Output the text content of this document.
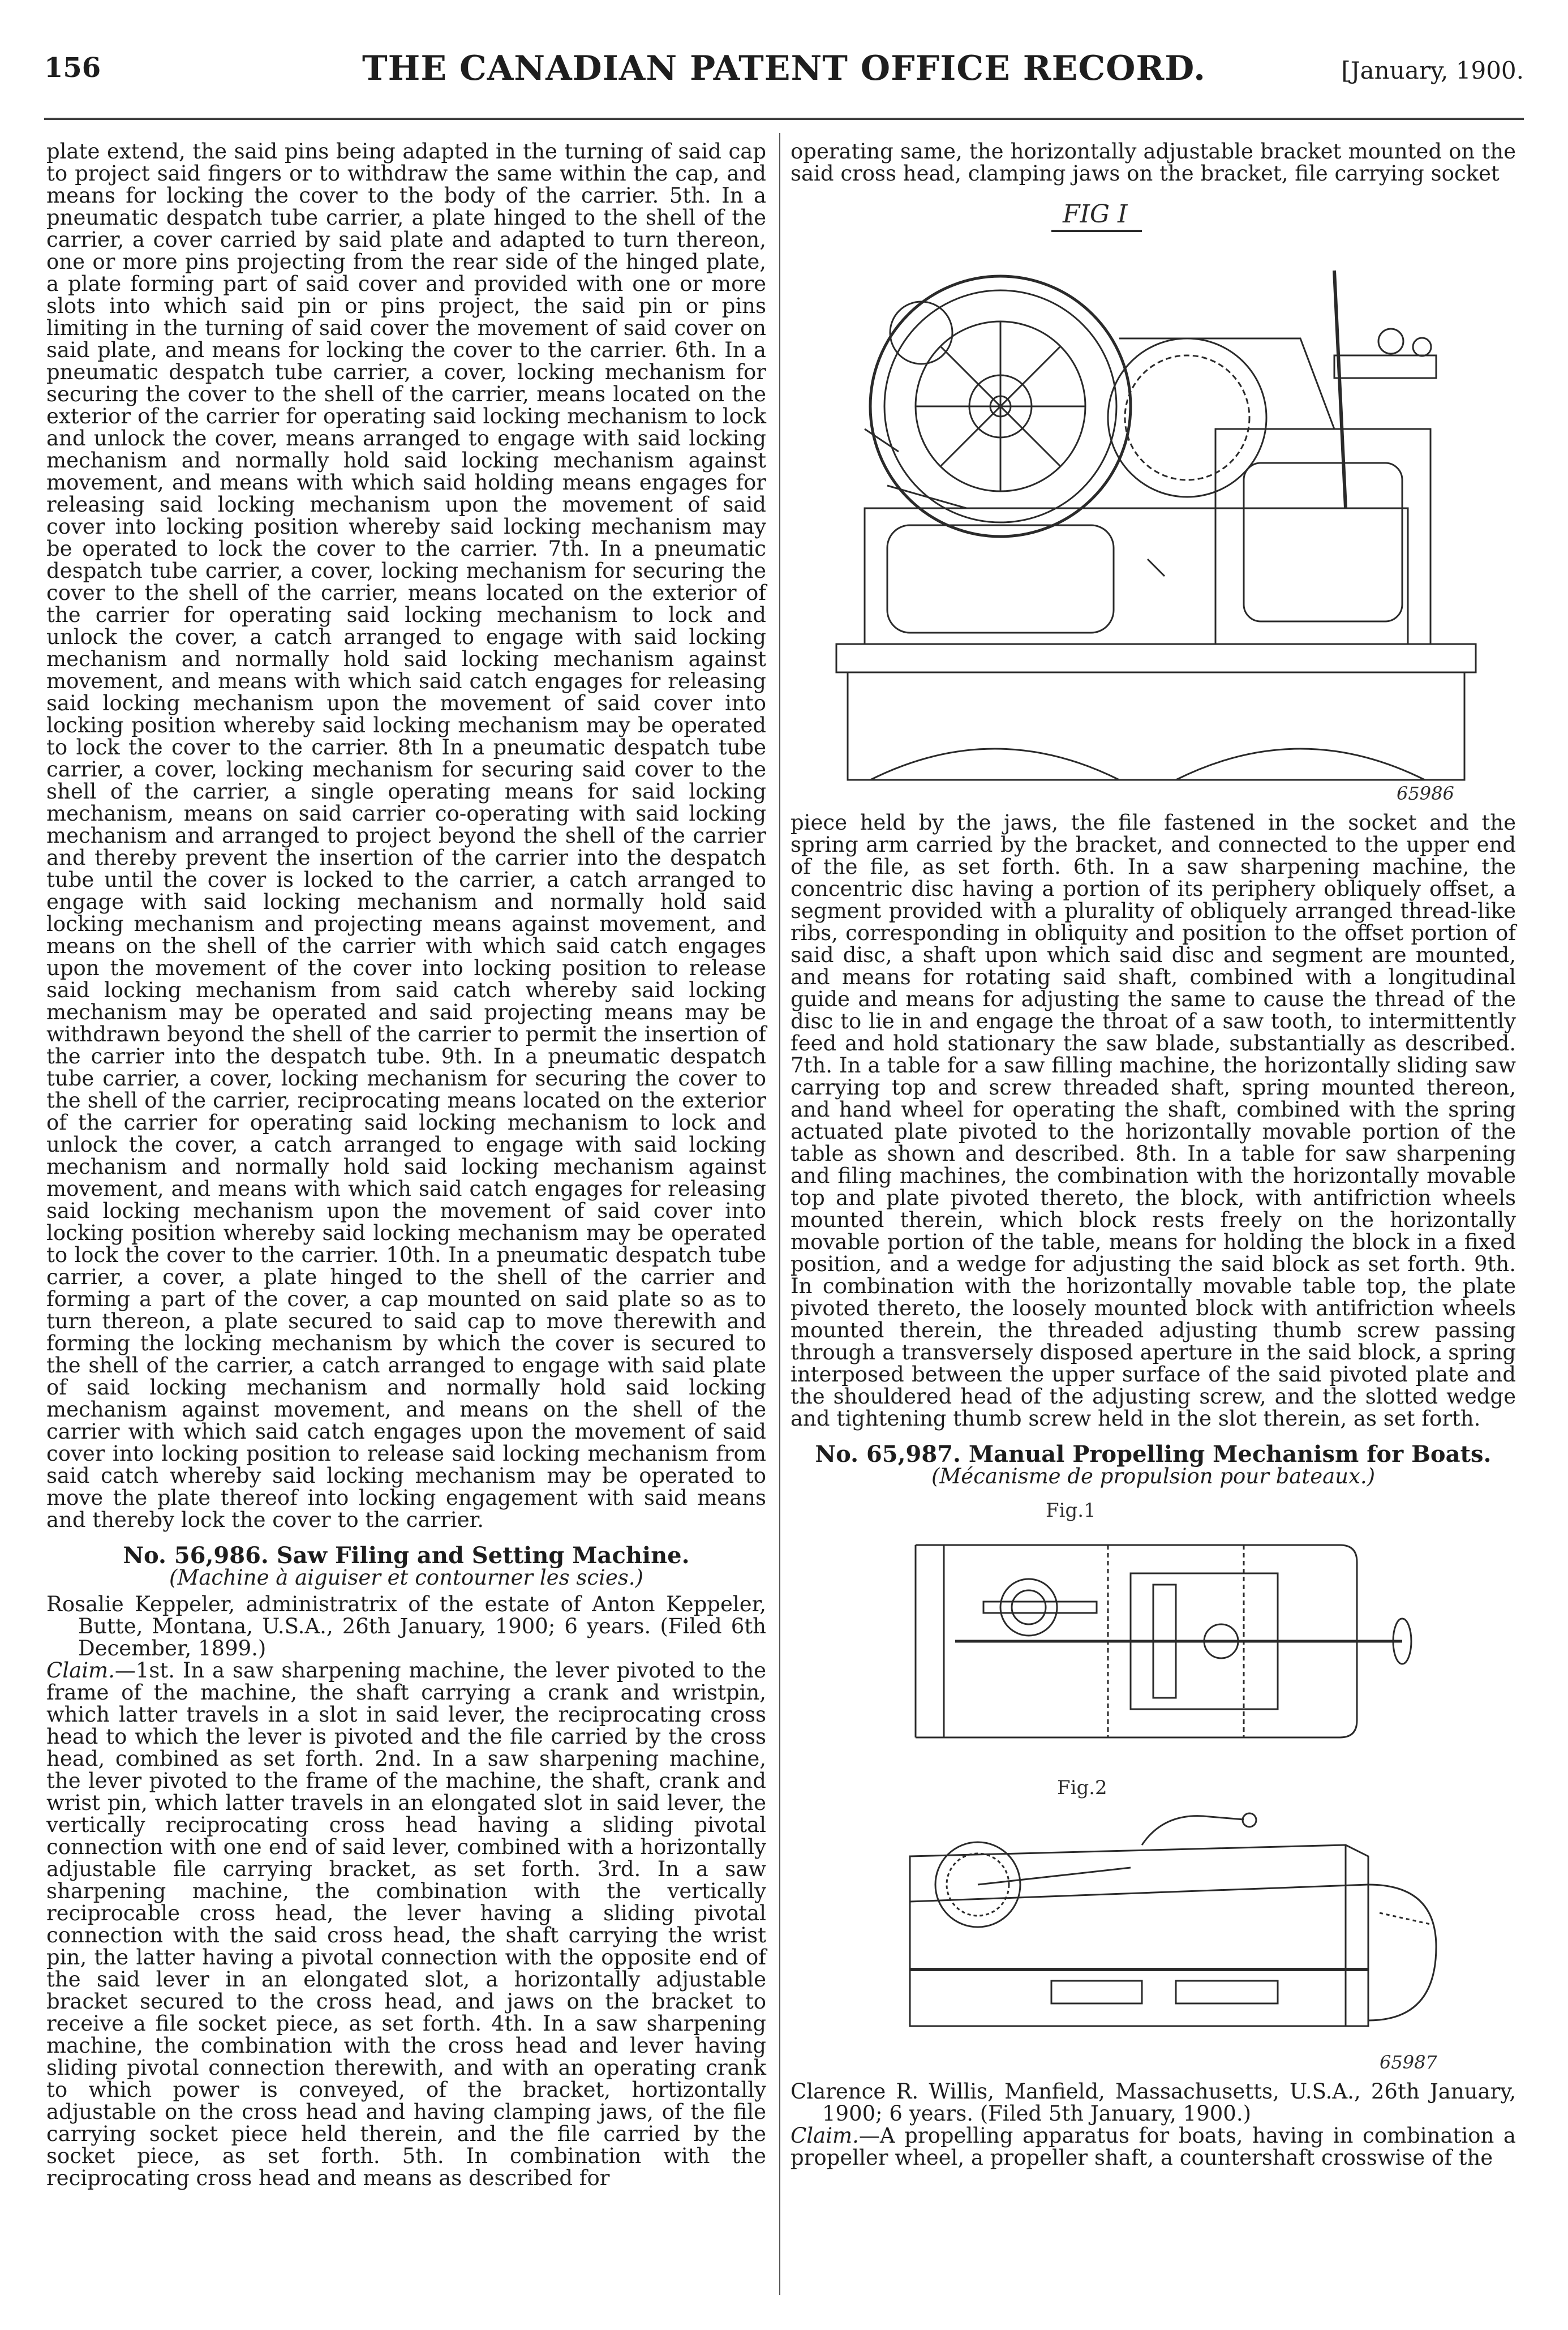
156	THE CANADIAN PATENT OFFICE RECORD.	[January, 1900.

plate extend, the said pins being adapted in the turning of said cap to project said fingers or to withdraw the same within the cap, and means for locking the cover to the body of the carrier. 5th. In a pneumatic despatch tube carrier, a plate hinged to the shell of the carrier, a cover carried by said plate and adapted to turn thereon, one or more pins projecting from the rear side of the hinged plate, a plate forming part of said cover and provided with one or more slots into which said pin or pins project, the said pin or pins limiting in the turning of said cover the movement of said cover on said plate, and means for locking the cover to the carrier. 6th. In a pneumatic despatch tube carrier, a cover, locking mechanism for securing the cover to the shell of the carrier, means located on the exterior of the carrier for operating said locking mechanism to lock and unlock the cover, means arranged to engage with said locking mechanism and normally hold said locking mechanism against movement, and means with which said holding means engages for releasing said locking mechanism upon the movement of said cover into locking position whereby said locking mechanism may be operated to lock the cover to the carrier. 7th. In a pneumatic despatch tube carrier, a cover, locking mechanism for securing the cover to the shell of the carrier, means located on the exterior of the carrier for operating said locking mechanism to lock and unlock the cover, a catch arranged to engage with said locking mechanism and normally hold said locking mechanism against movement, and means with which said catch engages for releasing said locking mechanism upon the movement of said cover into locking position whereby said locking mechanism may be operated to lock the cover to the carrier. 8th In a pneumatic despatch tube carrier, a cover, locking mechanism for securing said cover to the shell of the carrier, a single operating means for said locking mechanism, means on said carrier co-operating with said locking mechanism and arranged to project beyond the shell of the carrier and thereby prevent the insertion of the carrier into the despatch tube until the cover is locked to the carrier, a catch arranged to engage with said locking mechanism and normally hold said locking mechanism and projecting means against movement, and means on the shell of the carrier with which said catch engages upon the movement of the cover into locking position to release said locking mechanism from said catch whereby said locking mechanism may be operated and said projecting means may be withdrawn beyond the shell of the carrier to permit the insertion of the carrier into the despatch tube. 9th. In a pneumatic despatch tube carrier, a cover, locking mechanism for securing the cover to the shell of the carrier, reciprocating means located on the exterior of the carrier for operating said locking mechanism to lock and unlock the cover, a catch arranged to engage with said locking mechanism and normally hold said locking mechanism against movement, and means with which said catch engages for releasing said locking mechanism upon the movement of said cover into locking position whereby said locking mechanism may be operated to lock the cover to the carrier. 10th. In a pneumatic despatch tube carrier, a cover, a plate hinged to the shell of the carrier and forming a part of the cover, a cap mounted on said plate so as to turn thereon, a plate secured to said cap to move therewith and forming the locking mechanism by which the cover is secured to the shell of the carrier, a catch arranged to engage with said plate of said locking mechanism and normally hold said locking mechanism against movement, and means on the shell of the carrier with which said catch engages upon the movement of said cover into locking position to release said locking mechanism from said catch whereby said locking mechanism may be operated to move the plate thereof into locking engagement with said means and thereby lock the cover to the carrier.

No. 56,986. Saw Filing and Setting Machine.
(Machine à aiguiser et contourner les scies.)

Rosalie Keppeler, administratrix of the estate of Anton Keppeler, Butte, Montana, U.S.A., 26th January, 1900; 6 years. (Filed 6th December, 1899.)

Claim.—1st. In a saw sharpening machine, the lever pivoted to the frame of the machine, the shaft carrying a crank and wristpin, which latter travels in a slot in said lever, the reciprocating cross head to which the lever is pivoted and the file carried by the cross head, combined as set forth. 2nd. In a saw sharpening machine, the lever pivoted to the frame of the machine, the shaft, crank and wrist pin, which latter travels in an elongated slot in said lever, the vertically reciprocating cross head having a sliding pivotal connection with one end of said lever, combined with a horizontally adjustable file carrying bracket, as set forth. 3rd. In a saw sharpening machine, the combination with the vertically reciprocable cross head, the lever having a sliding pivotal connection with the said cross head, the shaft carrying the wrist pin, the latter having a pivotal connection with the opposite end of the said lever in an elongated slot, a horizontally adjustable bracket secured to the cross head, and jaws on the bracket to receive a file socket piece, as set forth. 4th. In a saw sharpening machine, the combination with the cross head and lever having sliding pivotal connection therewith, and with an operating crank to which power is conveyed, of the bracket, hortizontally adjustable on the cross head and having clamping jaws, of the file carrying socket piece held therein, and the file carried by the socket piece, as set forth. 5th. In combination with the reciprocating cross head and means as described for

operating same, the horizontally adjustable bracket mounted on the said cross head, clamping jaws on the bracket, file carrying socket

FIG I
65986

piece held by the jaws, the file fastened in the socket and the spring arm carried by the bracket, and connected to the upper end of the file, as set forth. 6th. In a saw sharpening machine, the concentric disc having a portion of its periphery obliquely offset, a segment provided with a plurality of obliquely arranged thread-like ribs, corresponding in obliquity and position to the offset portion of said disc, a shaft upon which said disc and segment are mounted, and means for rotating said shaft, combined with a longitudinal guide and means for adjusting the same to cause the thread of the disc to lie in and engage the throat of a saw tooth, to intermittently feed and hold stationary the saw blade, substantially as described. 7th. In a table for a saw filling machine, the horizontally sliding saw carrying top and screw threaded shaft, spring mounted thereon, and hand wheel for operating the shaft, combined with the spring actuated plate pivoted to the horizontally movable portion of the table as shown and described. 8th. In a table for saw sharpening and filing machines, the combination with the horizontally movable top and plate pivoted thereto, the block, with antifriction wheels mounted therein, which block rests freely on the horizontally movable portion of the table, means for holding the block in a fixed position, and a wedge for adjusting the said block as set forth. 9th. In combination with the horizontally movable table top, the plate pivoted thereto, the loosely mounted block with antifriction wheels mounted therein, the threaded adjusting thumb screw passing through a transversely disposed aperture in the said block, a spring interposed between the upper surface of the said pivoted plate and the shouldered head of the adjusting screw, and the slotted wedge and tightening thumb screw held in the slot therein, as set forth.

No. 65,987. Manual Propelling Mechanism for Boats.
(Mécanisme de propulsion pour bateaux.)
Fig.1
Fig.2
65987

Clarence R. Willis, Manfield, Massachusetts, U.S.A., 26th January, 1900; 6 years. (Filed 5th January, 1900.)

Claim.—A propelling apparatus for boats, having in combination a propeller wheel, a propeller shaft, a countershaft crosswise of the
